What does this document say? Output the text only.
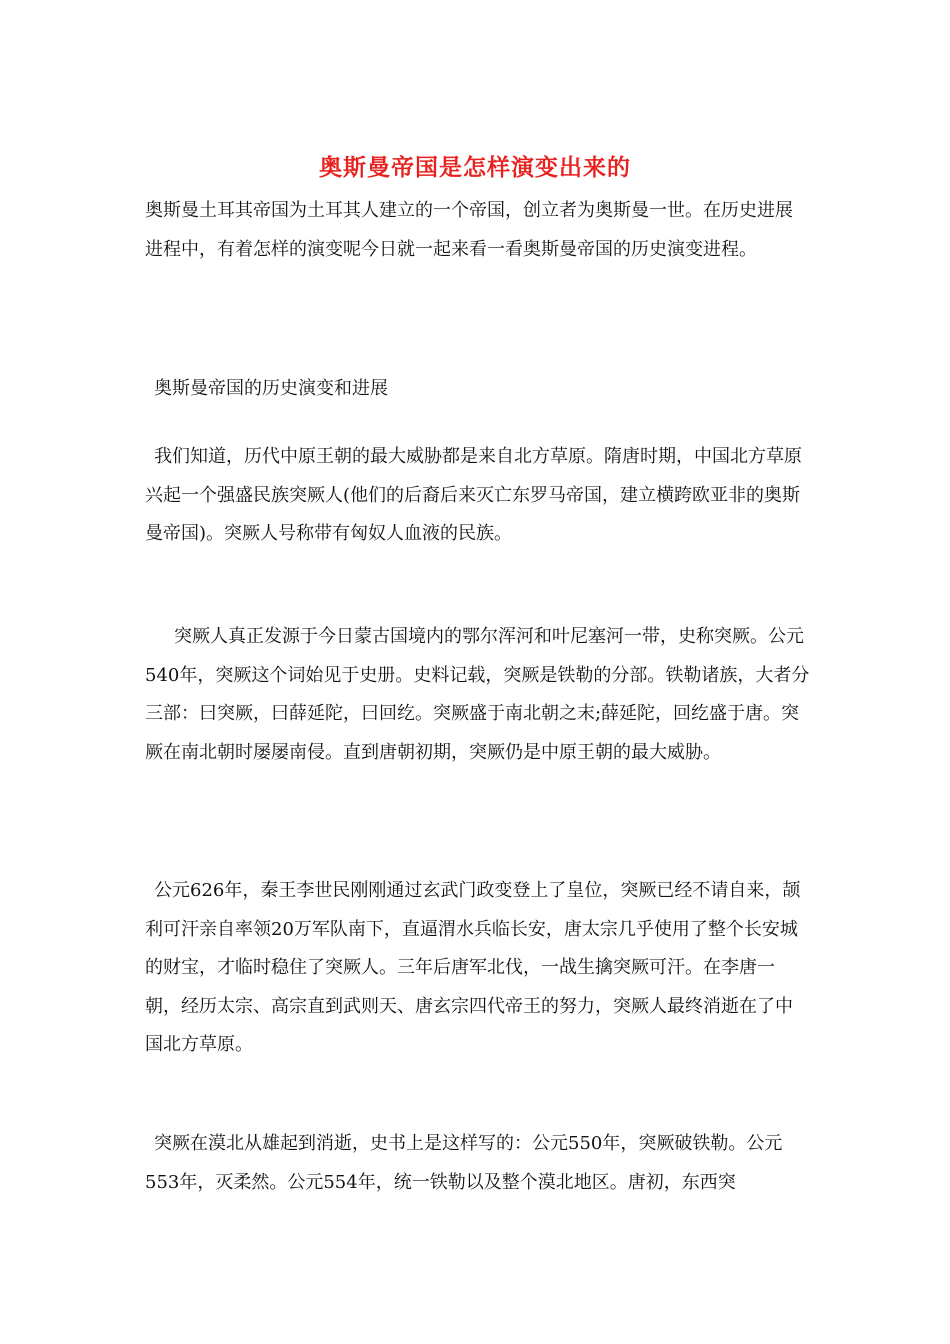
奥斯曼帝国是怎样演变出来的

奥斯曼土耳其帝国为土耳其人建立的一个帝国，创立者为奥斯曼一世。在历史进展进程中，有着怎样的演变呢今日就一起来看一看奥斯曼帝国的历史演变进程。

奥斯曼帝国的历史演变和进展

我们知道，历代中原王朝的最大威胁都是来自北方草原。隋唐时期，中国北方草原兴起一个强盛民族突厥人(他们的后裔后来灭亡东罗马帝国，建立横跨欧亚非的奥斯曼帝国)。突厥人号称带有匈奴人血液的民族。

突厥人真正发源于今日蒙古国境内的鄂尔浑河和叶尼塞河一带，史称突厥。公元540年，突厥这个词始见于史册。史料记载，突厥是铁勒的分部。铁勒诸族，大者分三部：曰突厥，曰薛延陀，曰回纥。突厥盛于南北朝之末;薛延陀，回纥盛于唐。突厥在南北朝时屡屡南侵。直到唐朝初期，突厥仍是中原王朝的最大威胁。

公元626年，秦王李世民刚刚通过玄武门政变登上了皇位，突厥已经不请自来，颉利可汗亲自率领20万军队南下，直逼渭水兵临长安，唐太宗几乎使用了整个长安城的财宝，才临时稳住了突厥人。三年后唐军北伐，一战生擒突厥可汗。在李唐一朝，经历太宗、高宗直到武则天、唐玄宗四代帝王的努力，突厥人最终消逝在了中国北方草原。

突厥在漠北从雄起到消逝，史书上是这样写的：公元550年，突厥破铁勒。公元553年，灭柔然。公元554年，统一铁勒以及整个漠北地区。唐初，东西突
